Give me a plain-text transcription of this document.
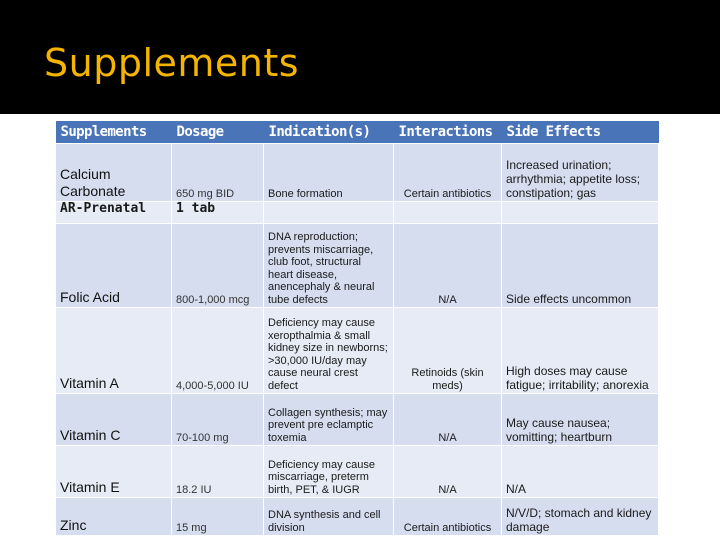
Supplements
Supplements	Dosage	Indication(s)	Interactions	Side Effects
Calcium Carbonate	650 mg BID	Bone formation	Certain antibiotics	Increased urination; arrhythmia; appetite loss; constipation; gas
AR-Prenatal	1 tab			
Folic Acid	800-1,000 mcg	DNA reproduction; prevents miscarriage, club foot, structural heart disease, anencephaly & neural tube defects	N/A	Side effects uncommon
Vitamin A	4,000-5,000 IU	Deficiency may cause xeropthalmia & small kidney size in newborns; >30,000 IU/day may cause neural crest defect	Retinoids (skin meds)	High doses may cause fatigue; irritability; anorexia
Vitamin C	70-100 mg	Collagen synthesis; may prevent pre eclamptic toxemia	N/A	May cause nausea; vomitting; heartburn
Vitamin E	18.2 IU	Deficiency may cause miscarriage, preterm birth, PET, & IUGR	N/A	N/A
Zinc	15 mg	DNA synthesis and cell division	Certain antibiotics	N/V/D; stomach and kidney damage
